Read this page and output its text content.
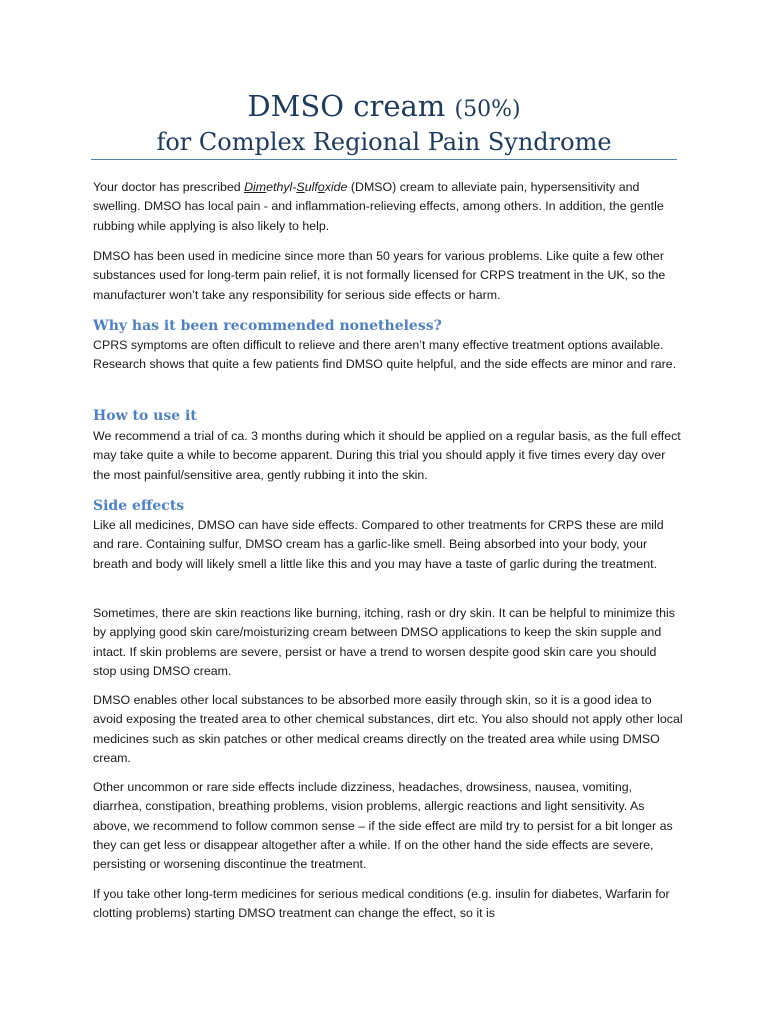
DMSO cream (50%)
for Complex Regional Pain Syndrome

Your doctor has prescribed Dimethyl-Sulfoxide (DMSO) cream to alleviate pain, hypersensitivity and swelling. DMSO has local pain - and inflammation-relieving effects, among others. In addition, the gentle rubbing while applying is also likely to help.

DMSO has been used in medicine since more than 50 years for various problems. Like quite a few other substances used for long-term pain relief, it is not formally licensed for CRPS treatment in the UK, so the manufacturer won’t take any responsibility for serious side effects or harm.

Why has it been recommended nonetheless?

CPRS symptoms are often difficult to relieve and there aren’t many effective treatment options available. Research shows that quite a few patients find DMSO quite helpful, and the side effects are minor and rare.

How to use it

We recommend a trial of ca. 3 months during which it should be applied on a regular basis, as the full effect may take quite a while to become apparent. During this trial you should apply it five times every day over the most painful/sensitive area, gently rubbing it into the skin.

Side effects

Like all medicines, DMSO can have side effects. Compared to other treatments for CRPS these are mild and rare. Containing sulfur, DMSO cream has a garlic-like smell. Being absorbed into your body, your breath and body will likely smell a little like this and you may have a taste of garlic during the treatment.

Sometimes, there are skin reactions like burning, itching, rash or dry skin. It can be helpful to minimize this by applying good skin care/moisturizing cream between DMSO applications to keep the skin supple and intact. If skin problems are severe, persist or have a trend to worsen despite good skin care you should stop using DMSO cream.

DMSO enables other local substances to be absorbed more easily through skin, so it is a good idea to avoid exposing the treated area to other chemical substances, dirt etc. You also should not apply other local medicines such as skin patches or other medical creams directly on the treated area while using DMSO cream.

Other uncommon or rare side effects include dizziness, headaches, drowsiness, nausea, vomiting, diarrhea, constipation, breathing problems, vision problems, allergic reactions and light sensitivity. As above, we recommend to follow common sense – if the side effect are mild try to persist for a bit longer as they can get less or disappear altogether after a while. If on the other hand the side effects are severe, persisting or worsening discontinue the treatment.

If you take other long-term medicines for serious medical conditions (e.g. insulin for diabetes, Warfarin for clotting problems) starting DMSO treatment can change the effect, so it is
